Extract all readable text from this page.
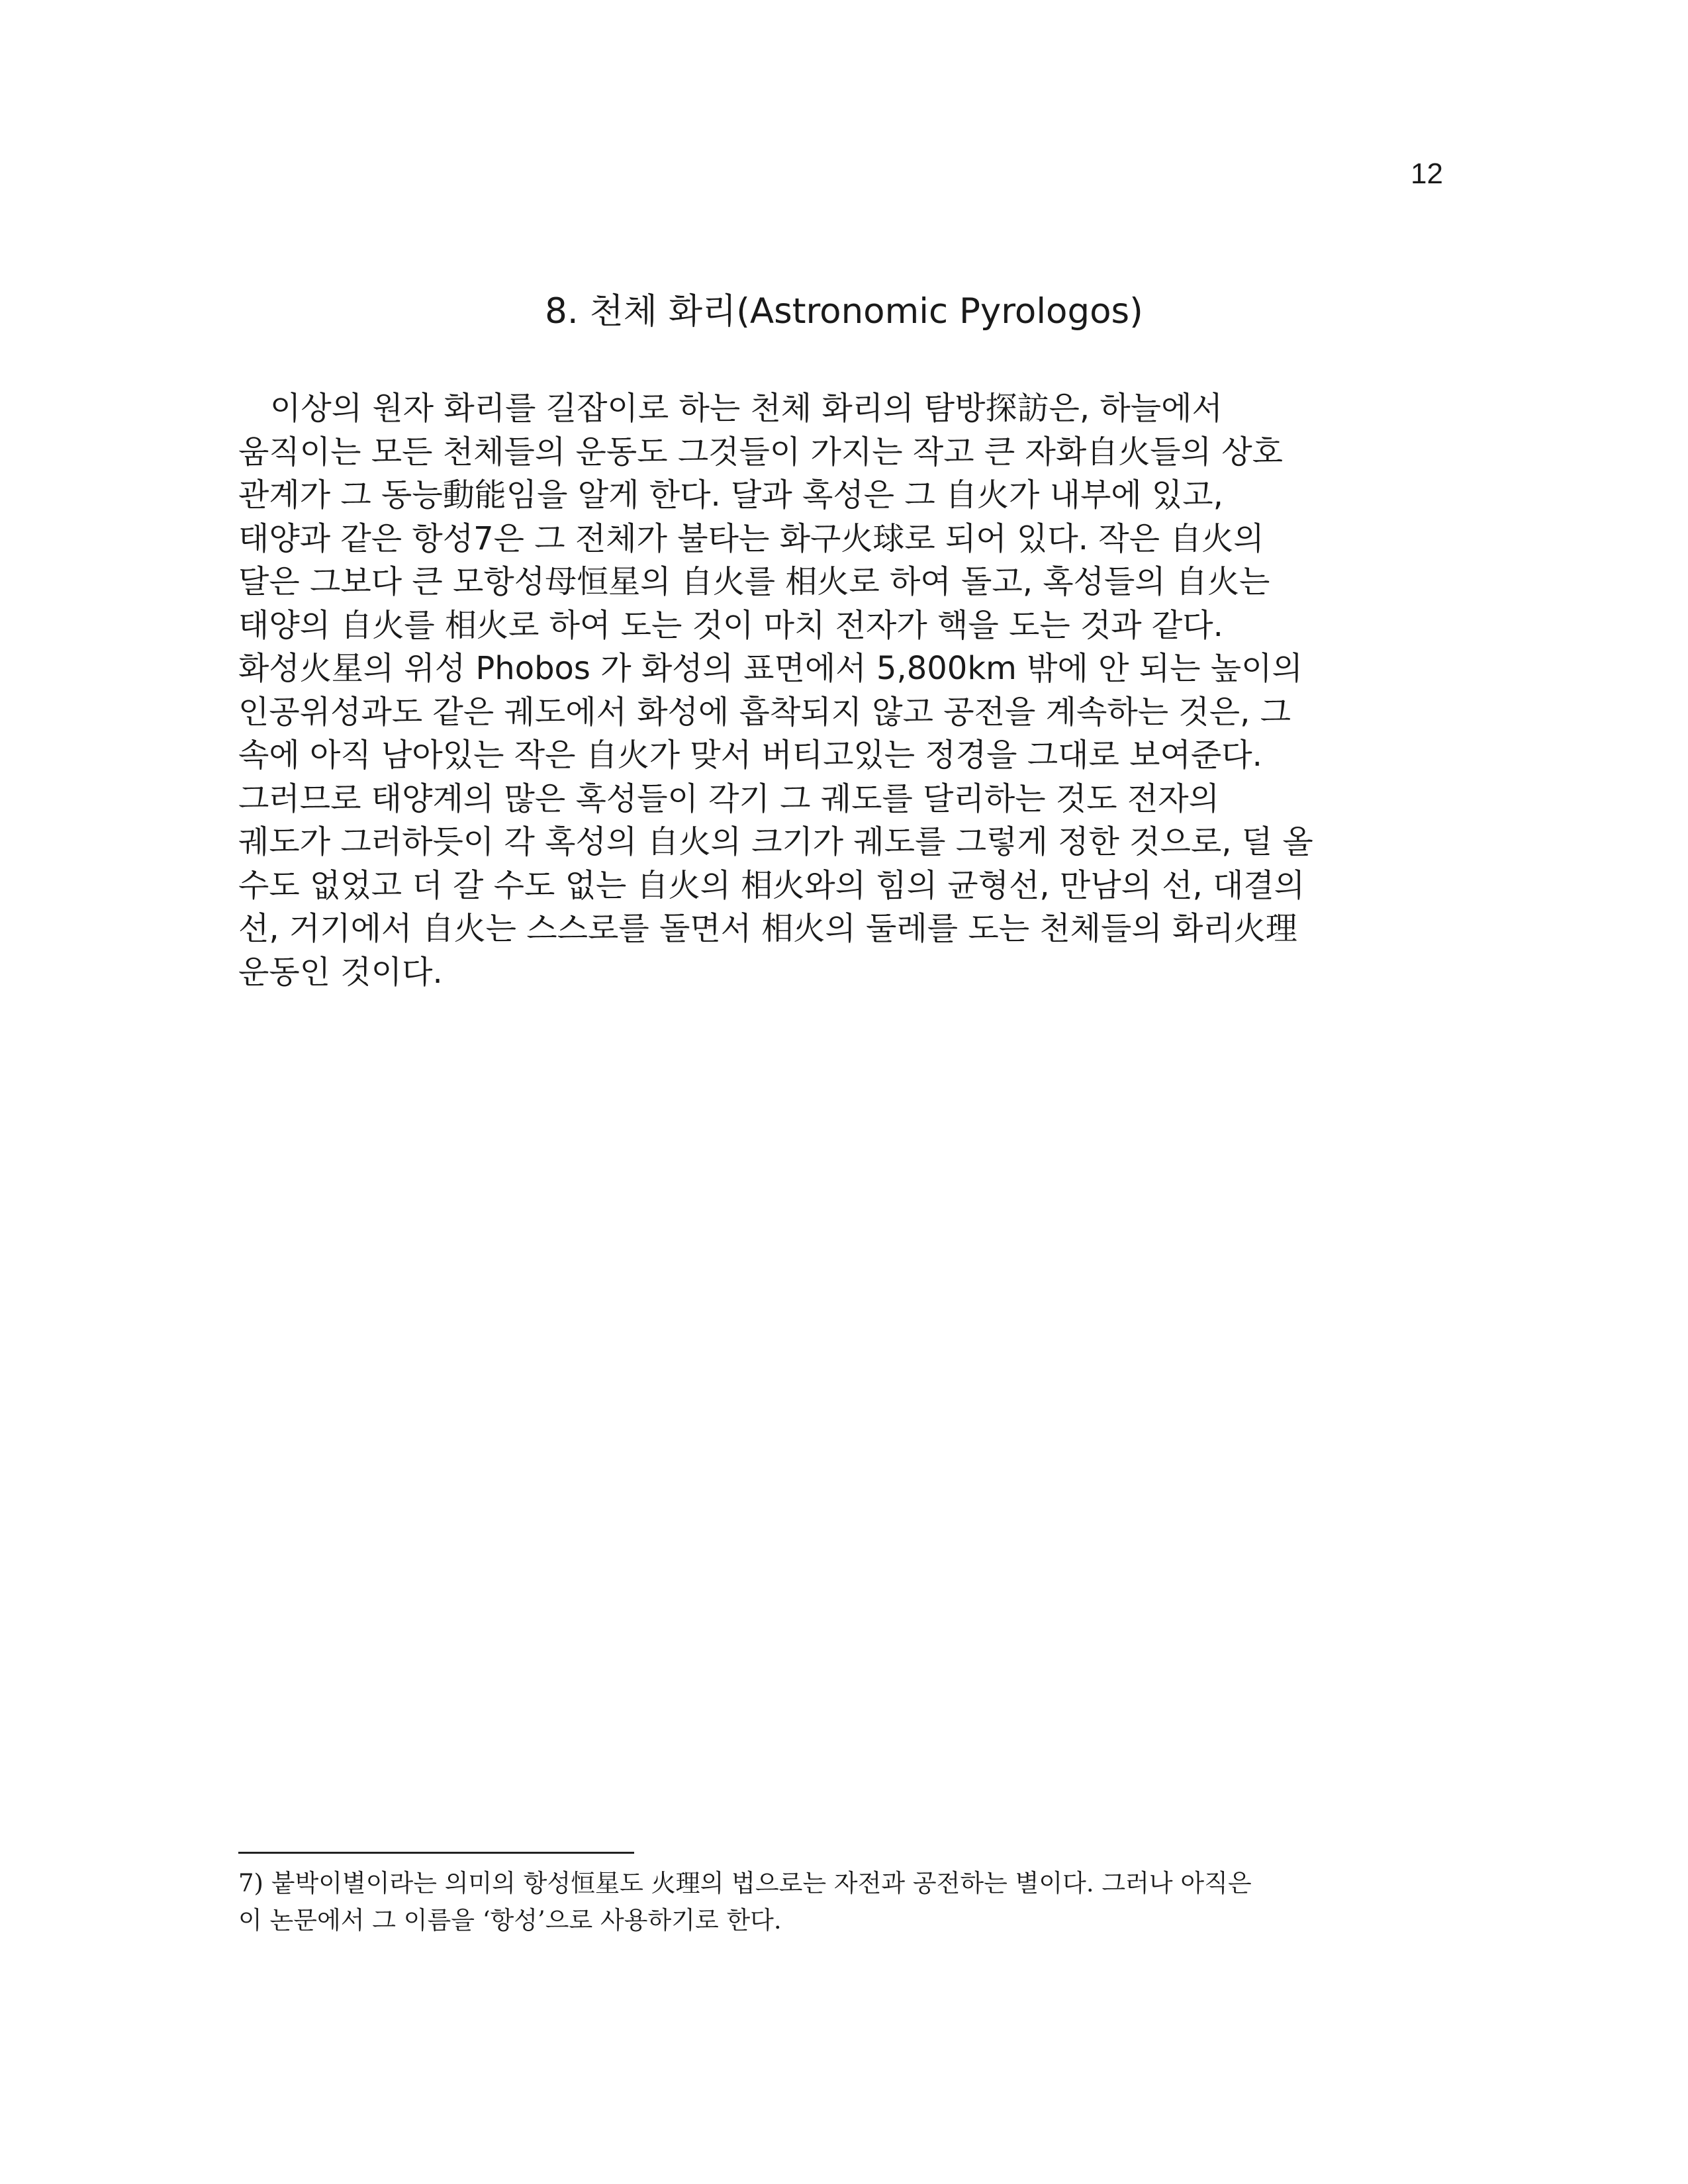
12
8. 천체 화리(Astronomic Pyrologos)
이상의 원자 화리를 길잡이로 하는 천체 화리의 탐방探訪은, 하늘에서
움직이는 모든 천체들의 운동도 그것들이 가지는 작고 큰 자화自火들의 상호
관계가 그 동능動能임을 알게 한다. 달과 혹성은 그 自火가 내부에 있고,
태양과 같은 항성7은 그 전체가 불타는 화구火球로 되어 있다. 작은 自火의
달은 그보다 큰 모항성母恒星의 自火를 相火로 하여 돌고, 혹성들의 自火는
태양의 自火를 相火로 하여 도는 것이 마치 전자가 핵을 도는 것과 같다.
화성火星의 위성 Phobos 가 화성의 표면에서 5,800km 밖에 안 되는 높이의
인공위성과도 같은 궤도에서 화성에 흡착되지 않고 공전을 계속하는 것은, 그
속에 아직 남아있는 작은 自火가 맞서 버티고있는 정경을 그대로 보여준다.
그러므로 태양계의 많은 혹성들이 각기 그 궤도를 달리하는 것도 전자의
궤도가 그러하듯이 각 혹성의 自火의 크기가 궤도를 그렇게 정한 것으로, 덜 올
수도 없었고 더 갈 수도 없는 自火의 相火와의 힘의 균형선, 만남의 선, 대결의
선, 거기에서 自火는 스스로를 돌면서 相火의 둘레를 도는 천체들의 화리火理
운동인 것이다.
7) 붙박이별이라는 의미의 항성恒星도 火理의 법으로는 자전과 공전하는 별이다. 그러나 아직은
이 논문에서 그 이름을 ‘항성’으로 사용하기로 한다.
